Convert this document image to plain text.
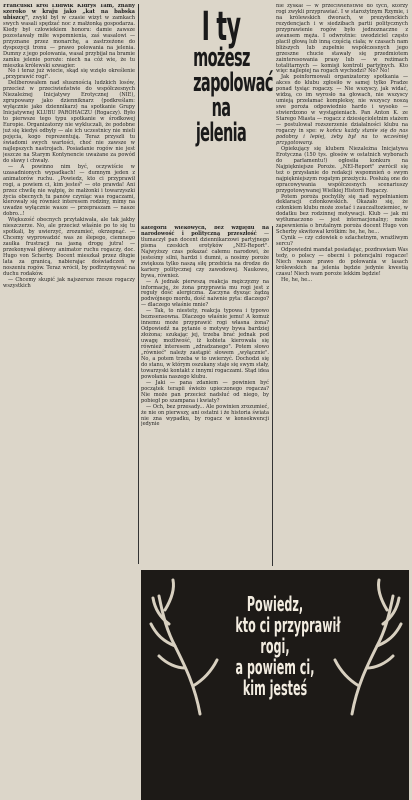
Francuski król Ludwik Kidrys Tam, znany szeroko w kraju jako „kat na babska ubiszcę", zwykł był w czasie wizyt w zamkach swych wasali spędzać noc z małżonką gospodarza. Kiedy był człowiekiem honoru: damie zawsze pozostawały miłe wspomnienia, zaś wasalowi — przyznane przez monarchę, a zastrzeżone do dyspozycji tronu — prawo polowania na jelenia. Dumny z jego polowania, wasal przybijał na bramie zamku jelenie poroże: niech na cóż wie, że tu mieszka królewski szwagier.

No i teraz już wiecie, skąd się wzięło określenie „przyprawić rogi".

Deliberowałem nad słusznością ludzkich losów, przecież w przeciwieństwie do współczesnych Niezależnej Inicjatywy Erotycznej (NIE), zgrupowany jako dzienniknarz (podkreślam: wyłącznie jako dziennikarz) na spotkanie Grupy Inicjatywnej KLUBU PAROHACZU (Rogaczy). Było to pierwsze tego typu spotkanie w środkowej Europie. Organizatorzy nie wykluczali, że podobne już się kiedyś odbyły — ale ich uczestnicy nie mieli pojęcia, kogo reprezentują. Teraz przyszli tu świadomi swych wartości, choć nie zawsze w najlepszych nastrojach. Posiadanie rogów nie jest jeszcze na Starym Kontynencie uważane za powód do sławy i chwały.

— A powinno nim być, oczywiście w uzasadnionych wypadkach! — dumnym jeden z animatorów ruchu. „Powiedz, kto ci przyprawił rogi, a powiem ci, kim jesteś" — oto prawda! Ani przez chwilę nie wątpię, że małżonki i towarzyszki życia obecnych tu panów czyniąc was rogaczami, kierowały się również interesem rodziny, mimy na uwadze wyłącznie wasze — przepraszam — nasze dobro...!

Większość obecnych przytakiwała, ale tak jakby nieszczerze. No, ale przecież właśnie po to się tu spotkali, by uwierzyć, zrozumieć, okrzepnąć. — Chcemy wyprowadzić was ze ślepego, ciemnego zaułka frustracji na jasną drogę jutra! — przekonywał główny animator ruchu rogaczy, doc. Hugo von Scherby. Docent mieszkał przez długie lata za granicą, nabierając doświadczeń w noszeniu rogów. Teraz wrócił, by podtrzymywać na duchu rodaków.

— Chcemy skupić jak najszersze rzesze rogaczy wszystkich

I ty
możesz
zapolować
na
jelenia

kategorii wiekowych, bez względu na narodowość i polityczną przeszłość — tłumaczył pan docent dziennikarzowi partyjnego pisma czeskich erotyków „NEI-Report". Najwyższy czas pokazać całemu narodowi, że jesteśmy silni, hardzi i dumni, a nosimy poroże zwiększa tylko naszą siłę przebicia na drodze do kariery politycznej czy zawodowej. Naukowo, bywa, również.

— A jednak pierwszą reakcja mężczyzny na informację, że żona przyprawia mu rogi jest z reguły dość alergiczna. Zaczyna dysząc żądzą podwójnego mordu, dość naiwnie pyta: dlaczego? — dlaczego właśnie mnie?

— Tak, to niestety, reakcja typowa i typowo beznsensowna. Dlaczego właśnie jemu! A komuż innemu może przyprawić rogi własna żona? Odpowiedź na pytanie o motywy bywa bardziej złożona; szukając jej, trzeba brać jednak pod uwagę możliwość, iż kobieta kierowała się również interesem „zdradzanego". Potem słowo „równieć" należy zastąpić słowem „wyłącznie". No, a potem trzeba w to uwierzyć. Dochodzi się do stanu, w którym oszukany staje się swym stały, towarzyski kontakt z innymi rogaczami. Stąd idea powołania naszego klubu.

— Jaki — pana zdaniem — powinien być początek terapii świeżo upieczonego rogacza? Nie może pan przecież nadsłuć od niego, by pobiegł po szampana i kwiaty?

— Och, bez przesady... Ale powinien zrozumieć, że nie on pierwszy, ani ostatni i że historia świata nie zna wypadku, by rogacz w konsekwencji jedynie

nie zyskał — w przeciwieństwie do tych, którzy rogi zwykli przyprawiać. I w starożytnym Rzymie, i na królewskich dworach, w prezydenckich rezydencjach i w siedzibach partii politycznych przyprawienie rogów było jednoznaczne z awansem męża. I odwrotnie: uwodziciel często płacił głową lub inną częścią ciała; w czasach nam bliższych lub zupełnie współczesnych jego grzeszne chucie stawały się przedmiotem zainteresowania prasy lub — w reżimach totalitarnych — komisji kontroli partyjnych. Kto więc najlepiej na rogach wychodzi? No? No!

Jak poinformowali organizatorzy spotkania — akces do klubu zgłosiło w samej tylko Pradze ponad tysiąc rogaczy. — Nie wszyscy, jak widać, widzą, co im wyrosło na głowach, nie wszyscy umieją przełamać kompleksy, nie wszyscy noszą swe poroża odpowiednio hardo i wysoko — stwierdzono w wystąpieniach. Pan Anton K. ze Starego Miasta — rogacz z dziesięcioletnim stażem — postulował rozszerzenie działalności klubu na rogaczy in spe: w końcu każdy stanie się do nas podobny i lepiej, żeby był na to wcześniej przygotowany.

Opiekujący się klubem Niezależna Inicjatywa Erotyczna (150 tys. głosów w ostatnich wyborach do parlamentu!) ogłosiła konkurs na Najpiękniejsze Poroże. „NEI-Report" zwrócił się też o przysłanie do redakcji wspomnień o swym najpiękniejszym rogatym przeżyciu. Posłużą one do opracowywania współczesnych scenariuszy przygotowywanej Wielkiej Historii Rogaczy.

Potem poroża pochyliły się nad wypełnianiem deklaracji członkowskich. Okazało się, że członkiem klubu może zostać i zauczaltoziemiec, w dodatku bez rodzinnej motywacji. Klub — jak mi wytłumaczono — jest internacjonalny; może zapewnienia o brutalnym poroża docent Hugo von Scherby skwitował krótkim: he, he, he...

Cynik — czy człowiek o szlachetnym, wrażliwym sercu?

Odpowiedni mandat posiadając, pozdrawiam Was tedy, o polscy — obecni i potencjalni rogacze! Niech wasze prawo do polowania w lasach królewskich na jelenia będzie jedynie kwestią czasu! Niech wam poroże lekkim będzie!

He, he, he...

Powiedz,
kto ci przyprawił
rogi,
a powiem ci,
kim jesteś
